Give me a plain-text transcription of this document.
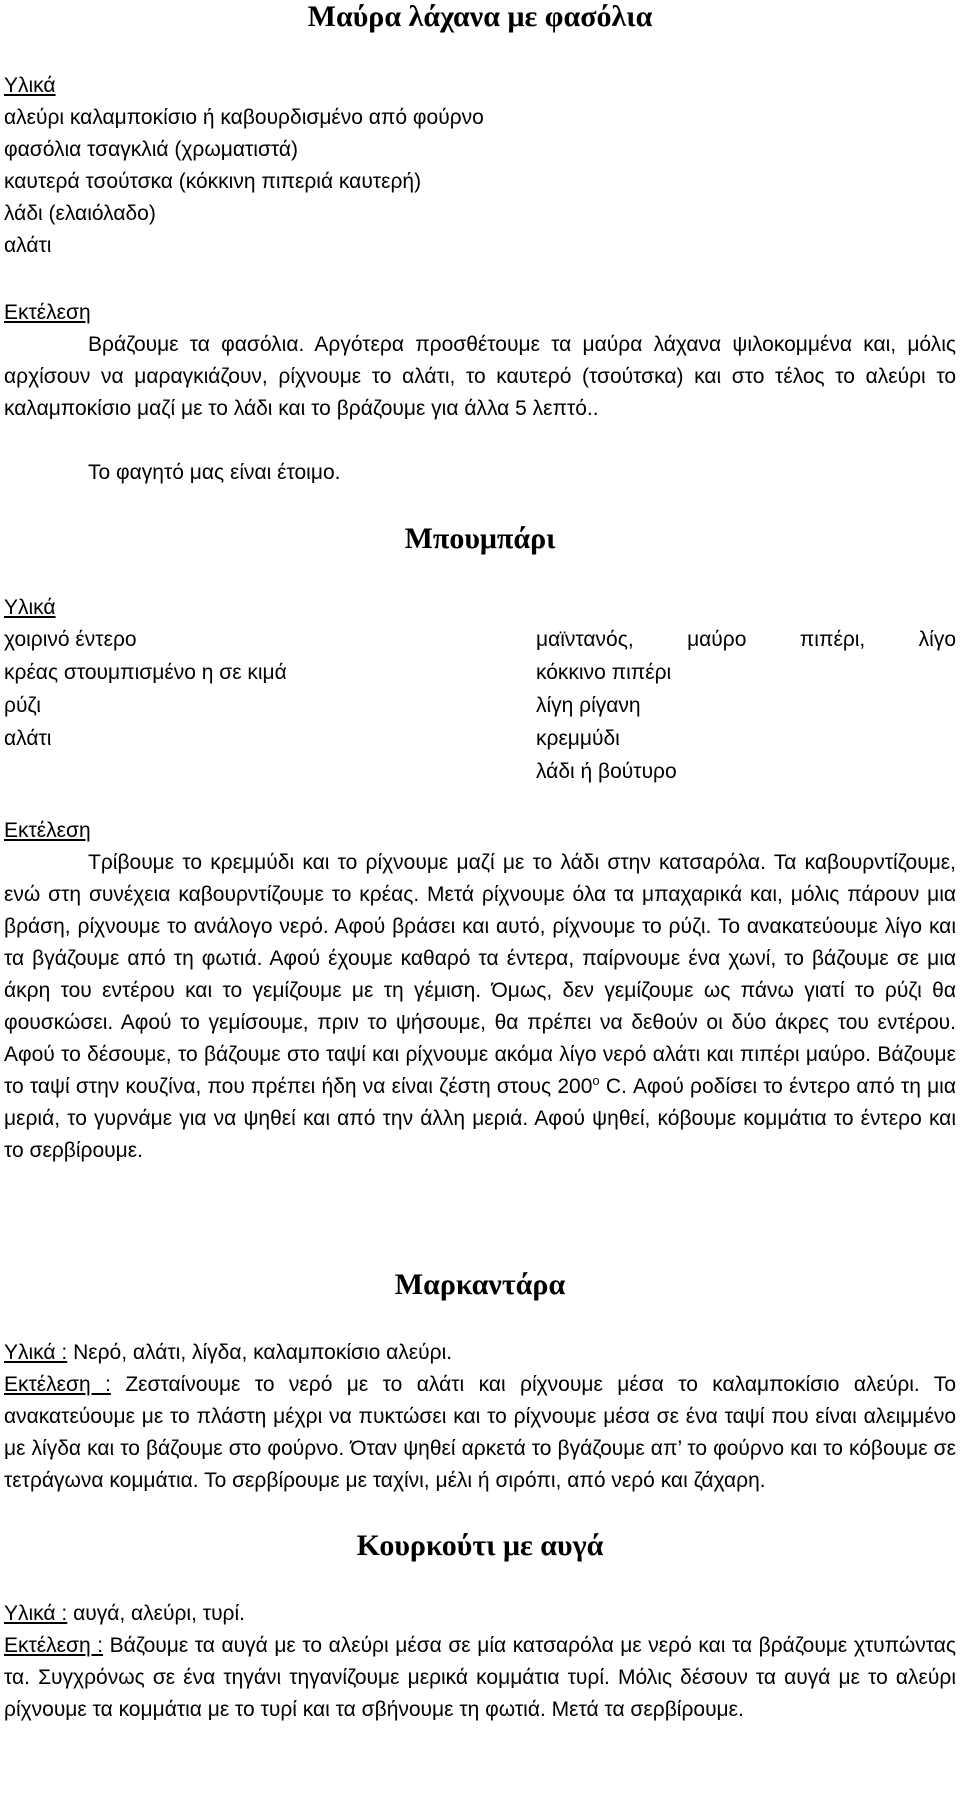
Μαύρα λάχανα με φασόλια
Υλικά
αλεύρι καλαμποκίσιο ή καβουρδισμένο από φούρνο
φασόλια τσαγκλιά (χρωματιστά)
καυτερά τσούτσκα (κόκκινη πιπεριά καυτερή)
λάδι (ελαιόλαδο)
αλάτι
Εκτέλεση

Βράζουμε τα φασόλια. Αργότερα προσθέτουμε τα μαύρα λάχανα ψιλοκομμένα και, μόλις αρχίσουν να μαραγκιάζουν, ρίχνουμε το αλάτι, το καυτερό (τσούτσκα) και στο τέλος το αλεύρι το καλαμποκίσιο μαζί με το λάδι και το βράζουμε για άλλα 5 λεπτό..

Το φαγητό μας είναι έτοιμο.
Μπουμπάρι
Υλικά
χοιρινό έντερο
κρέας στουμπισμένο η σε κιμά
ρύζι
αλάτι
μαϊντανός, μαύρο πιπέρι, λίγο
κόκκινο πιπέρι
λίγη ρίγανη
κρεμμύδι
λάδι ή βούτυρο
Εκτέλεση

Τρίβουμε το κρεμμύδι και το ρίχνουμε μαζί με το λάδι στην κατσαρόλα. Τα καβουρντίζουμε, ενώ στη συνέχεια καβουρντίζουμε το κρέας. Μετά ρίχνουμε όλα τα μπαχαρικά και, μόλις πάρουν μια βράση, ρίχνουμε το ανάλογο νερό. Αφού βράσει και αυτό, ρίχνουμε το ρύζι. Το ανακατεύουμε λίγο και τα βγάζουμε από τη φωτιά. Αφού έχουμε καθαρό τα έντερα, παίρνουμε ένα χωνί, το βάζουμε σε μια άκρη του εντέρου και το γεμίζουμε με τη γέμιση. Όμως, δεν γεμίζουμε ως πάνω γιατί το ρύζι θα φουσκώσει. Αφού το γεμίσουμε, πριν το ψήσουμε, θα πρέπει να δεθούν οι δύο άκρες του εντέρου. Αφού το δέσουμε, το βάζουμε στο ταψί και ρίχνουμε ακόμα λίγο νερό αλάτι και πιπέρι μαύρο. Βάζουμε το ταψί στην κουζίνα, που πρέπει ήδη να είναι ζέστη στους $200^o$ C. Αφού ροδίσει το έντερο από τη μια μεριά, το γυρνάμε για να ψηθεί και από την άλλη μεριά. Αφού ψηθεί, κόβουμε κομμάτια το έντερο και το σερβίρουμε.

Μαρκαντάρα
Υλικά : Νερό, αλάτι, λίγδα, καλαμποκίσιο αλεύρι.

Εκτέλεση : Ζεσταίνουμε το νερό με το αλάτι και ρίχνουμε μέσα το καλαμποκίσιο αλεύρι. Το ανακατεύουμε με το πλάστη μέχρι να πυκτώσει και το ρίχνουμε μέσα σε ένα ταψί που είναι αλειμμένο με λίγδα και το βάζουμε στο φούρνο. Όταν ψηθεί αρκετά το βγάζουμε απ’ το φούρνο και το κόβουμε σε τετράγωνα κομμάτια. Το σερβίρουμε με ταχίνι, μέλι ή σιρόπι, από νερό και ζάχαρη.

Κουρκούτι με αυγά
Υλικά : αυγά, αλεύρι, τυρί.

Εκτέλεση : Βάζουμε τα αυγά με το αλεύρι μέσα σε μία κατσαρόλα με νερό και τα βράζουμε χτυπώντας τα. Συγχρόνως σε ένα τηγάνι τηγανίζουμε μερικά κομμάτια τυρί. Μόλις δέσουν τα αυγά με το αλεύρι ρίχνουμε τα κομμάτια με το τυρί και τα σβήνουμε τη φωτιά. Μετά τα σερβίρουμε.
